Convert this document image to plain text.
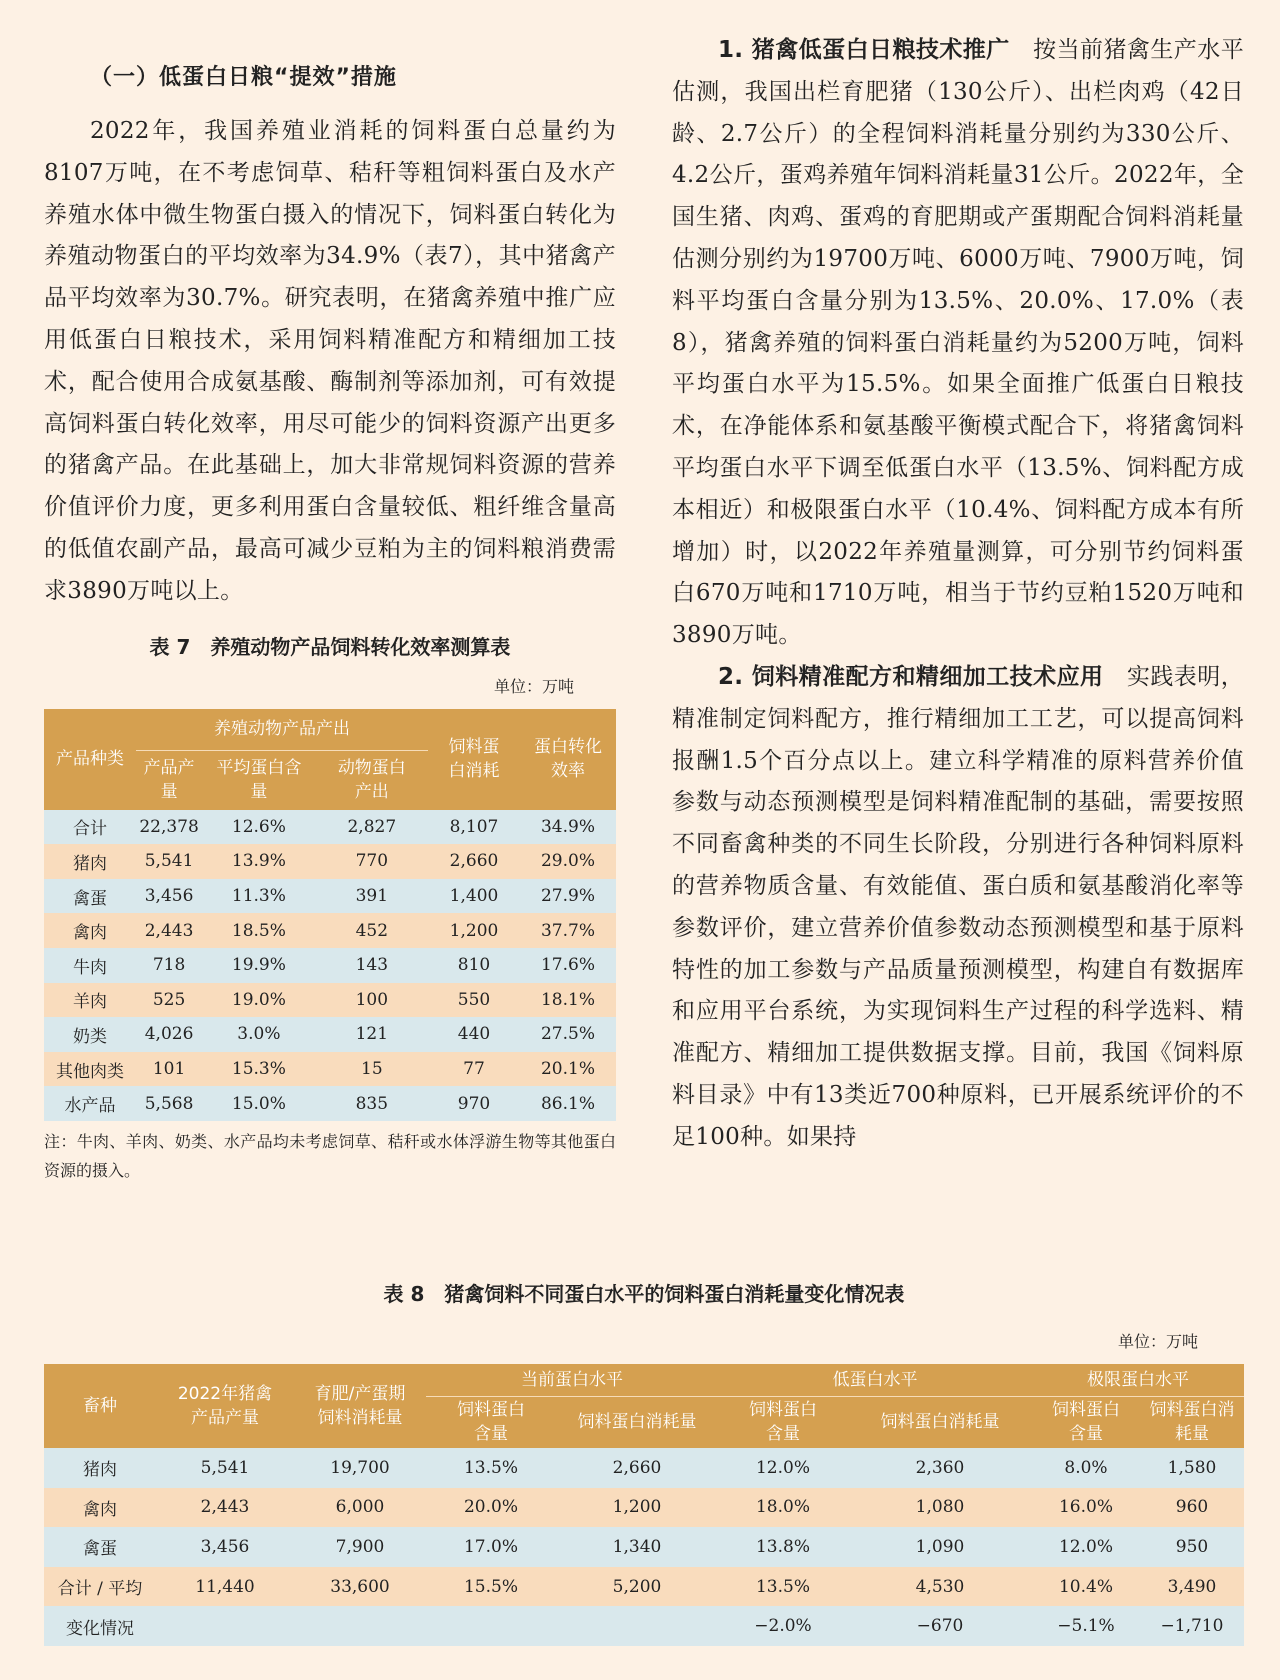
（一）低蛋白日粮“提效”措施

2022年，我国养殖业消耗的饲料蛋白总量约为8107万吨，在不考虑饲草、秸秆等粗饲料蛋白及水产养殖水体中微生物蛋白摄入的情况下，饲料蛋白转化为养殖动物蛋白的平均效率为34.9%（表7），其中猪禽产品平均效率为30.7%。研究表明，在猪禽养殖中推广应用低蛋白日粮技术，采用饲料精准配方和精细加工技术，配合使用合成氨基酸、酶制剂等添加剂，可有效提高饲料蛋白转化效率，用尽可能少的饲料资源产出更多的猪禽产品。在此基础上，加大非常规饲料资源的营养价值评价力度，更多利用蛋白含量较低、粗纤维含量高的低值农副产品，最高可减少豆粕为主的饲料粮消费需求3890万吨以上。

表 7　养殖动物产品饲料转化效率测算表
单位：万吨
产品种类	养殖动物产品产出			饲料蛋白消耗	蛋白转化效率
	产品产量	平均蛋白含量	动物蛋白产出		
合计	22,378	12.6%	2,827	8,107	34.9%
猪肉	5,541	13.9%	770	2,660	29.0%
禽蛋	3,456	11.3%	391	1,400	27.9%
禽肉	2,443	18.5%	452	1,200	37.7%
牛肉	718	19.9%	143	810	17.6%
羊肉	525	19.0%	100	550	18.1%
奶类	4,026	3.0%	121	440	27.5%
其他肉类	101	15.3%	15	77	20.1%
水产品	5,568	15.0%	835	970	86.1%
注：牛肉、羊肉、奶类、水产品均未考虑饲草、秸秆或水体浮游生物等其他蛋白资源的摄入。

1. 猪禽低蛋白日粮技术推广　 按当前猪禽生产水平估测，我国出栏育肥猪（130公斤）、出栏肉鸡（42日龄、2.7公斤）的全程饲料消耗量分别约为330公斤、4.2公斤，蛋鸡养殖年饲料消耗量31公斤。2022年，全国生猪、肉鸡、蛋鸡的育肥期或产蛋期配合饲料消耗量估测分别约为19700万吨、6000万吨、7900万吨，饲料平均蛋白含量分别为13.5%、20.0%、17.0%（表8），猪禽养殖的饲料蛋白消耗量约为5200万吨，饲料平均蛋白水平为15.5%。如果全面推广低蛋白日粮技术，在净能体系和氨基酸平衡模式配合下，将猪禽饲料平均蛋白水平下调至低蛋白水平（13.5%、饲料配方成本相近）和极限蛋白水平（10.4%、饲料配方成本有所增加）时，以2022年养殖量测算，可分别节约饲料蛋白670万吨和1710万吨，相当于节约豆粕1520万吨和3890万吨。

2. 饲料精准配方和精细加工技术应用　 实践表明，精准制定饲料配方，推行精细加工工艺，可以提高饲料报酬1.5个百分点以上。建立科学精准的原料营养价值参数与动态预测模型是饲料精准配制的基础，需要按照不同畜禽种类的不同生长阶段，分别进行各种饲料原料的营养物质含量、有效能值、蛋白质和氨基酸消化率等参数评价，建立营养价值参数动态预测模型和基于原料特性的加工参数与产品质量预测模型，构建自有数据库和应用平台系统，为实现饲料生产过程的科学选料、精准配方、精细加工提供数据支撑。目前，我国《饲料原料目录》中有13类近700种原料，已开展系统评价的不足100种。如果持

表 8　猪禽饲料不同蛋白水平的饲料蛋白消耗量变化情况表
单位：万吨
畜种	2022年猪禽产品产量	育肥/产蛋期饲料消耗量	当前蛋白水平		低蛋白水平		极限蛋白水平	
			饲料蛋白含量	饲料蛋白消耗量	饲料蛋白含量	饲料蛋白消耗量	饲料蛋白含量	饲料蛋白消耗量
猪肉	5,541	19,700	13.5%	2,660	12.0%	2,360	8.0%	1,580
禽肉	2,443	6,000	20.0%	1,200	18.0%	1,080	16.0%	960
禽蛋	3,456	7,900	17.0%	1,340	13.8%	1,090	12.0%	950
合计 / 平均	11,440	33,600	15.5%	5,200	13.5%	4,530	10.4%	3,490
变化情况					−2.0%	−670	−5.1%	−1,710
